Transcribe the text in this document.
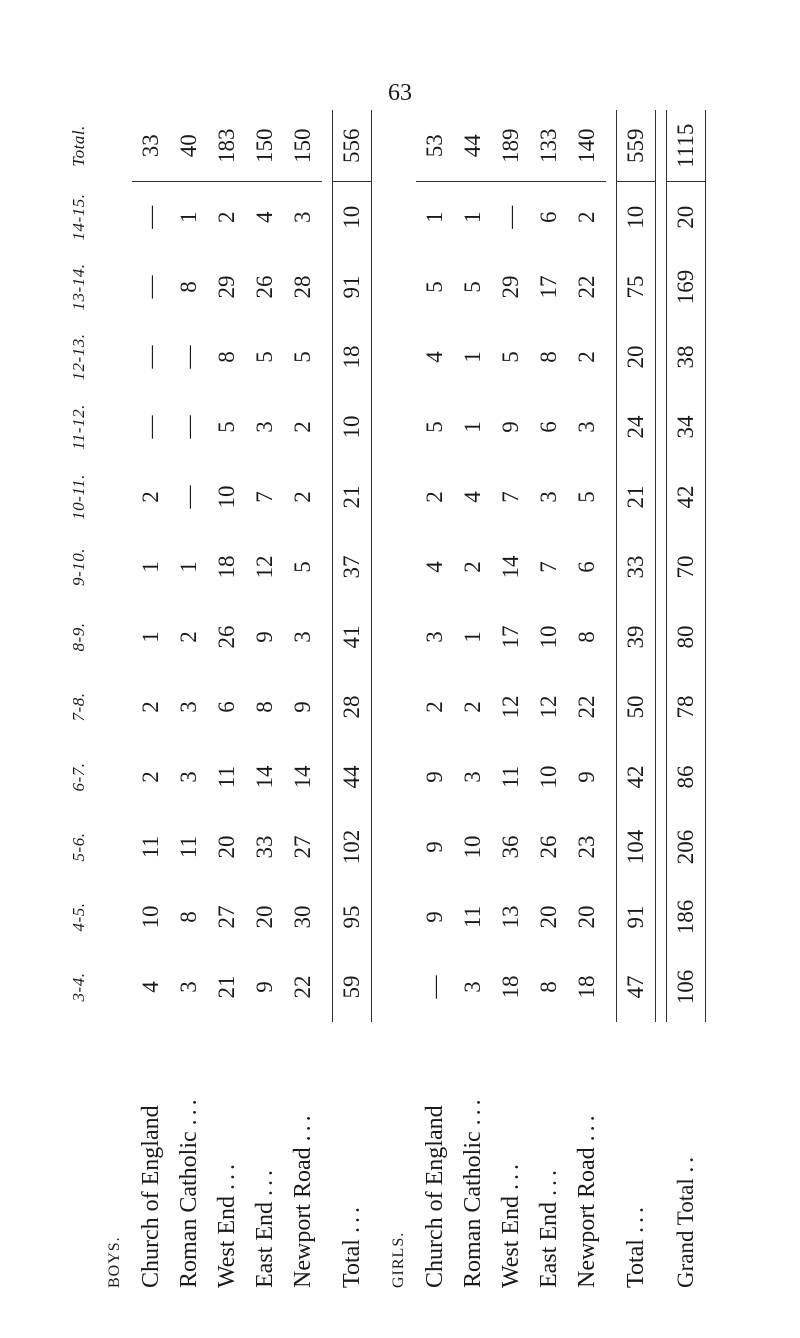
63
	3-4.	4-5.	5-6.	6-7.	7-8.	8-9.	9-10.	10-11.	11-12.	12-13.	13-14.	14-15.	Total.
BOYS.													
Church of England	4	10	11	2	2	1	1	2	—	—	—	—	33
Roman Catholic ...	3	8	11	3	3	2	1	—	—	—	8	1	40
West End ...	21	27	20	11	6	26	18	10	5	8	29	2	183
East End ...	9	20	33	14	8	9	12	7	3	5	26	4	150
Newport Road ...	22	30	27	14	9	3	5	2	2	5	28	3	150

Total ...	59	95	102	44	28	41	37	21	10	18	91	10	556

GIRLS.													
Church of England	—	9	9	9	2	3	4	2	5	4	5	1	53
Roman Catholic ...	3	11	10	3	2	1	2	4	1	1	5	1	44
West End ...	18	13	36	11	12	17	14	7	9	5	29	—	189
East End ...	8	20	26	10	12	10	7	3	6	8	17	6	133
Newport Road ...	18	20	23	9	22	8	6	5	3	2	22	2	140

Total ...	47	91	104	42	50	39	33	21	24	20	75	10	559

Grand Total ..	106	186	206	86	78	80	70	42	34	38	169	20	1115
